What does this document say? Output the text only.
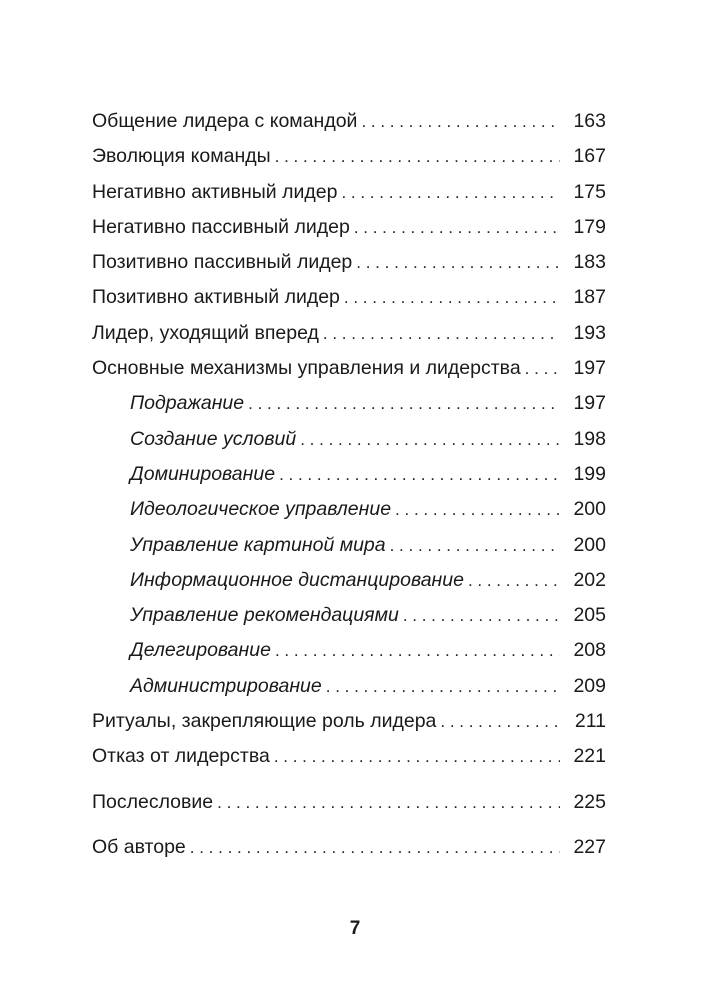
Общение лидера с командой . . .	163
Эволюция команды . . .	167
Негативно активный лидер . . .	175
Негативно пассивный лидер . . .	179
Позитивно пассивный лидер . . .	183
Позитивно активный лидер . . .	187
Лидер, уходящий вперед . . .	193
Основные механизмы управления и лидерства . . .	197
Подражание . . .	197
Создание условий . . .	198
Доминирование . . .	199
Идеологическое управление . . .	200
Управление картиной мира . . .	200
Информационное дистанцирование . . .	202
Управление рекомендациями . . .	205
Делегирование . . .	208
Администрирование . . .	209
Ритуалы, закрепляющие роль лидера . . .	211
Отказ от лидерства . . .	221
Послесловие . . .	225
Об авторе . . .	227
7
